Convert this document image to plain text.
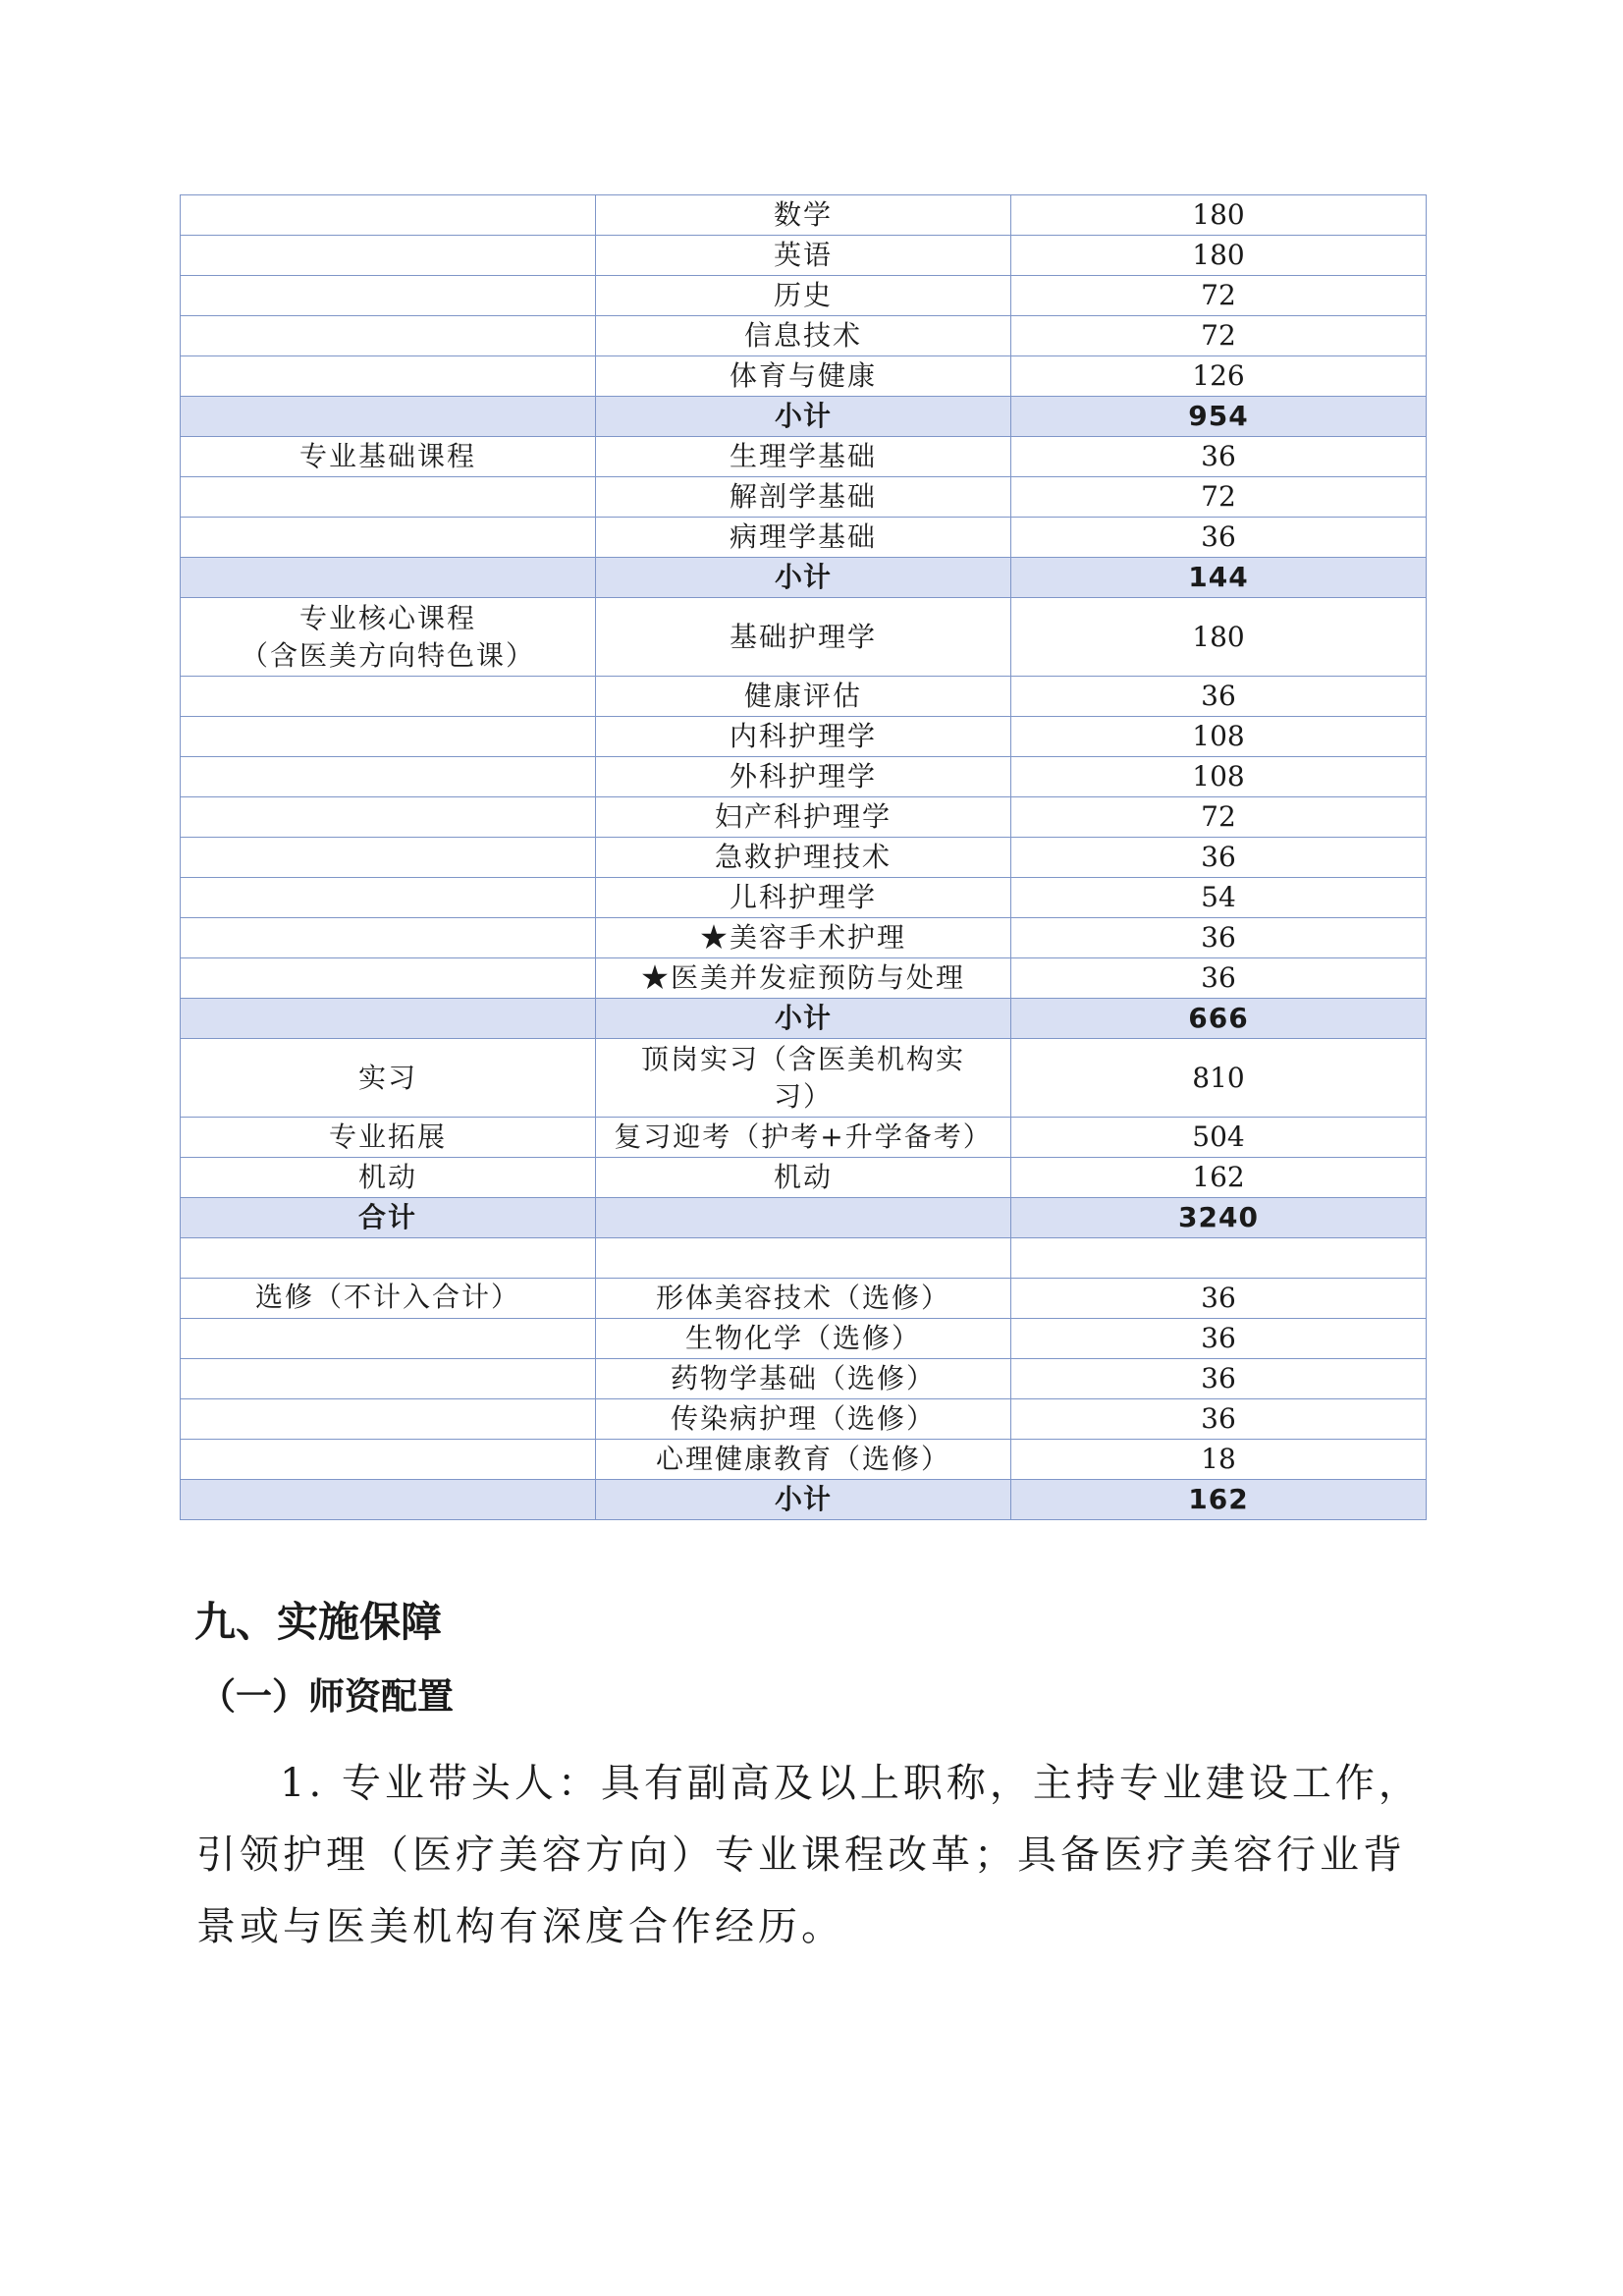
	数学	180
	英语	180
	历史	72
	信息技术	72
	体育与健康	126
	小计	954
专业基础课程	生理学基础	36
	解剖学基础	72
	病理学基础	36
	小计	144

专业核心课程
（含医美方向特色课）	基础护理学	180
	健康评估	36
	内科护理学	108
	外科护理学	108
	妇产科护理学	72
	急救护理技术	36
	儿科护理学	54
	★美容手术护理	36
	★医美并发症预防与处理	36
	小计	666
实习	顶岗实习（含医美机构实
习）	810
专业拓展	复习迎考（护考+升学备考）	504
机动	机动	162
合计		3240

选修（不计入合计）	形体美容技术（选修）	36
	生物化学（选修）	36
	药物学基础（选修）	36
	传染病护理（选修）	36
	心理健康教育（选修）	18
	小计	162
九、实施保障
（一）师资配置

1. 专业带头人：具有副高及以上职称，主持专业建设工作，引领护理（医疗美容方向）专业课程改革；具备医疗美容行业背景或与医美机构有深度合作经历。
